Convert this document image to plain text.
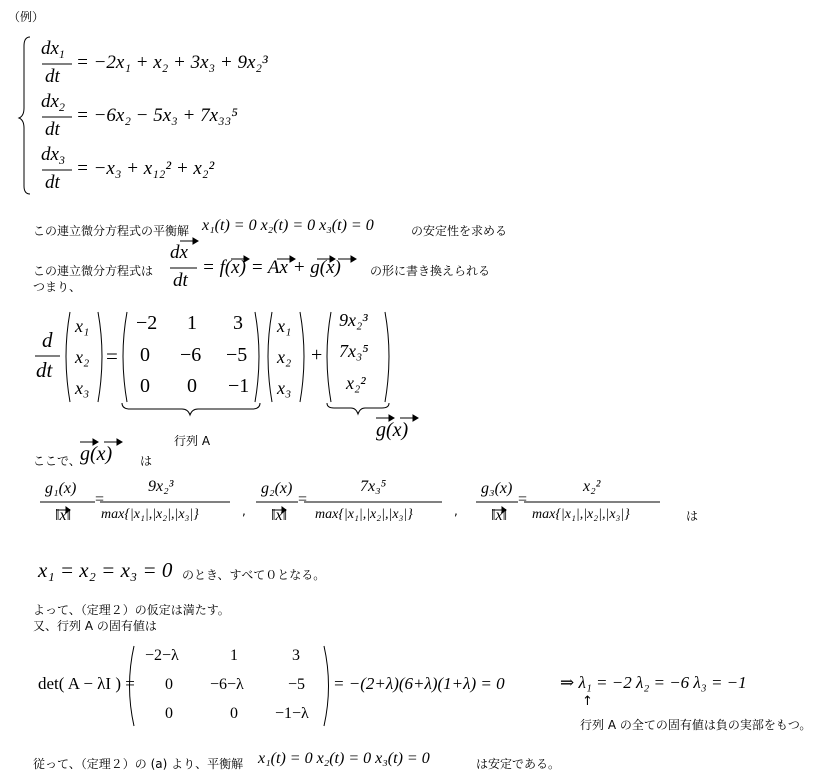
（例）
$dx_1$
dt
= −2x₁ + x₂ + 3x₃ + 9x₂³
$dx_2$
dt
= −6x₂ − 5x₃ + 7x₃₃⁵
$dx_3$
dt
= −x₃ + x₁₂² + x₂²
この連立微分方程式の平衡解 x₁(t) = 0 x₂(t) = 0 x₃(t) = 0	の安定性を求める
この連立微分方程式は
dx
dt
= f(x) = Ax + g(x) の形に書き換えられる
つまり、
d
dt
x₁
x₂
x₃
=
−2 1 3
0 −6 −5
0 0 −1
x₁
x₂
x₃
+
9x₂³
7x₃⁵
x₂²
行列 A	g(x)
ここで、 g(x) は
g₁(x)
‖x‖
=
9x₂³
max{|x₁|,|x₂|,|x₃|}	,
g₂(x)
‖x‖
=
7x₃⁵
max{|x₁|,|x₂|,|x₃|}	,
g₃(x)
‖x‖
=
x₂²
max{|x₁|,|x₂|,|x₃|}	は
x₁ = x₂ = x₃ = 0 のとき、すべて０となる。
よって、（定理２）の仮定は満たす。
又、行列 A の固有値は
det( A − λI ) =
−2−λ	1	3
0 −6−λ	−5
0	0 −1−λ
= −(2+λ)(6+λ)(1+λ) = 0	⇒ λ₁ = −2 λ₂ = −6 λ₃ = −1
↑
行列 A の全ての固有値は負の実部をもつ。
従って、（定理２）の (a) より、平衡解 x₁(t) = 0 x₂(t) = 0 x₃(t) = 0	は安定である。
